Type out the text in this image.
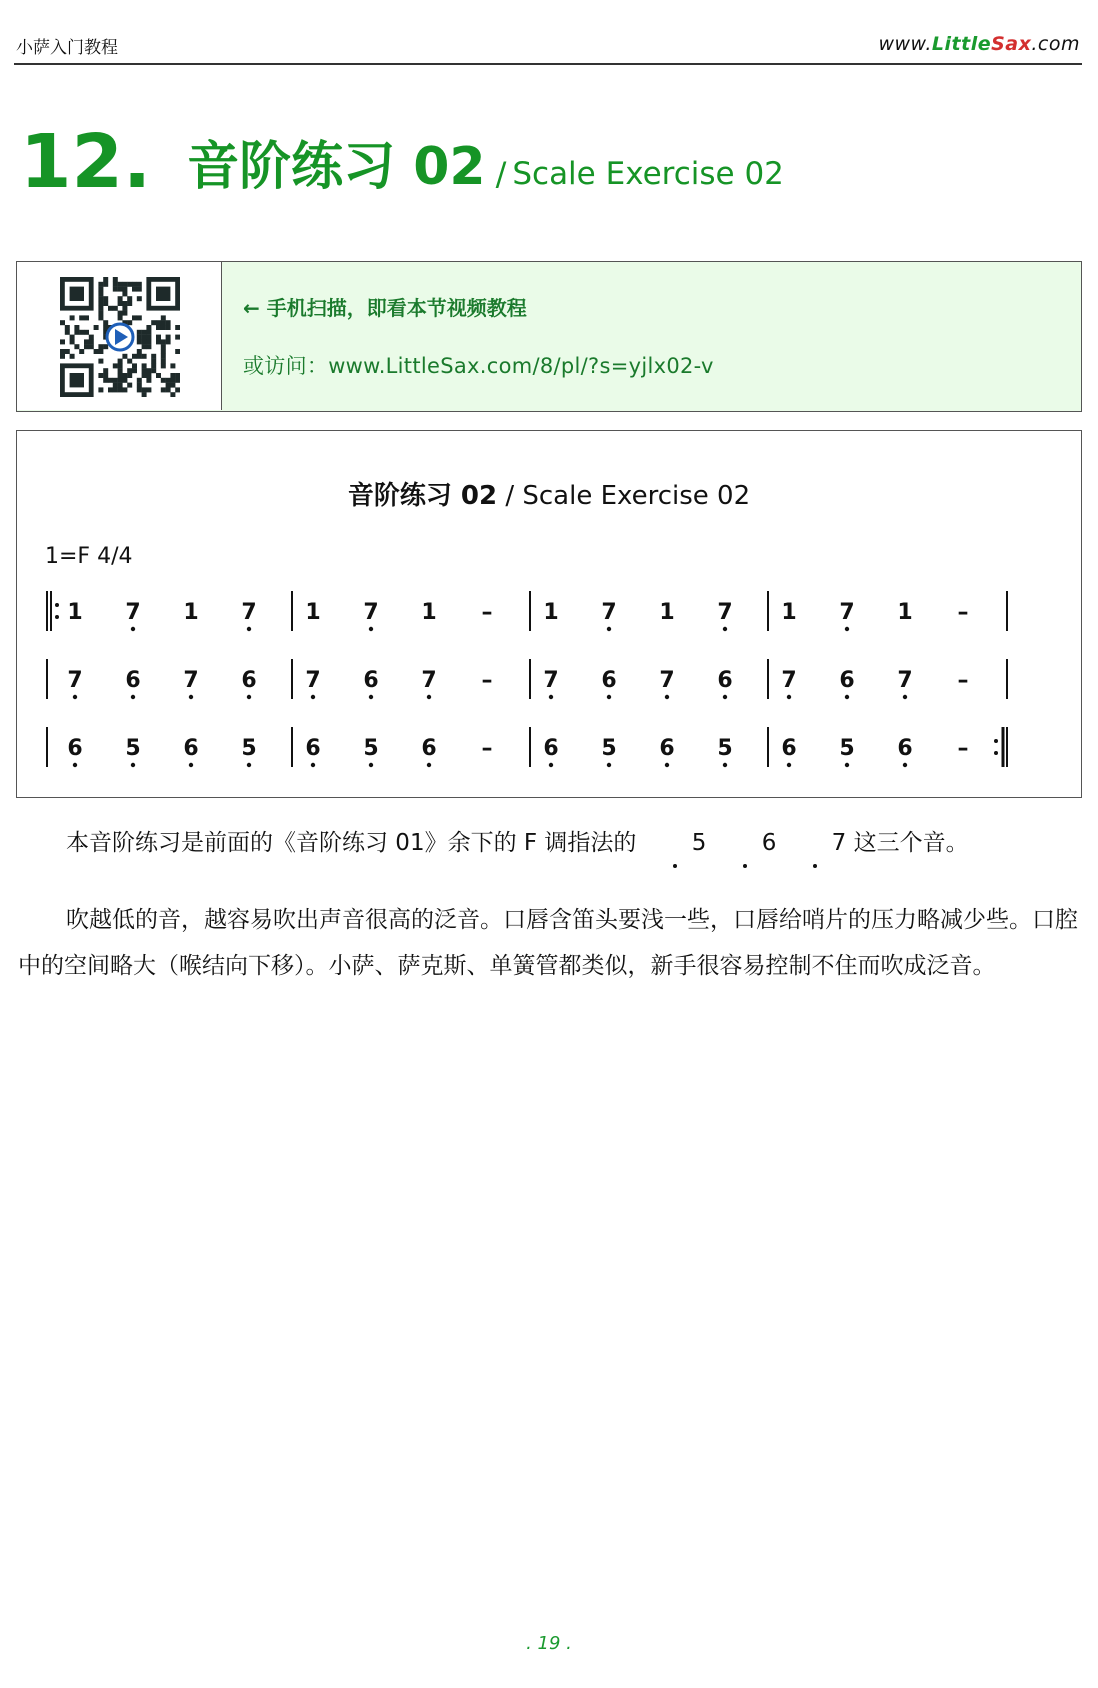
小萨入门教程	www.LittleSax.com
12. 音阶练习 02 / Scale Exercise 02
← 手机扫描，即看本节视频教程
或访问：www.LittleSax.com/8/pl/?s=yjlx02-v
音阶练习 02 / Scale Exercise 02
1=F 4/4
1 7 1 7 1 7 1 – 1 7 1 7 1 7 1 –
7 6 7 6 7 6 7 – 7 6 7 6 7 6 7 –
6 5 6 5 6 5 6 – 6 5 6 5 6 5 6 –
本音阶练习是前面的《音阶练习 01》余下的 F 调指法的 5 6 7 这三个音。
吹越低的音，越容易吹出声音很高的泛音。口唇含笛头要浅一些，口唇给哨片的压力略减少些。口腔中的空间略大（喉结向下移）。小萨、萨克斯、单簧管都类似，新手很容易控制不住而吹成泛音。
. 19 .
